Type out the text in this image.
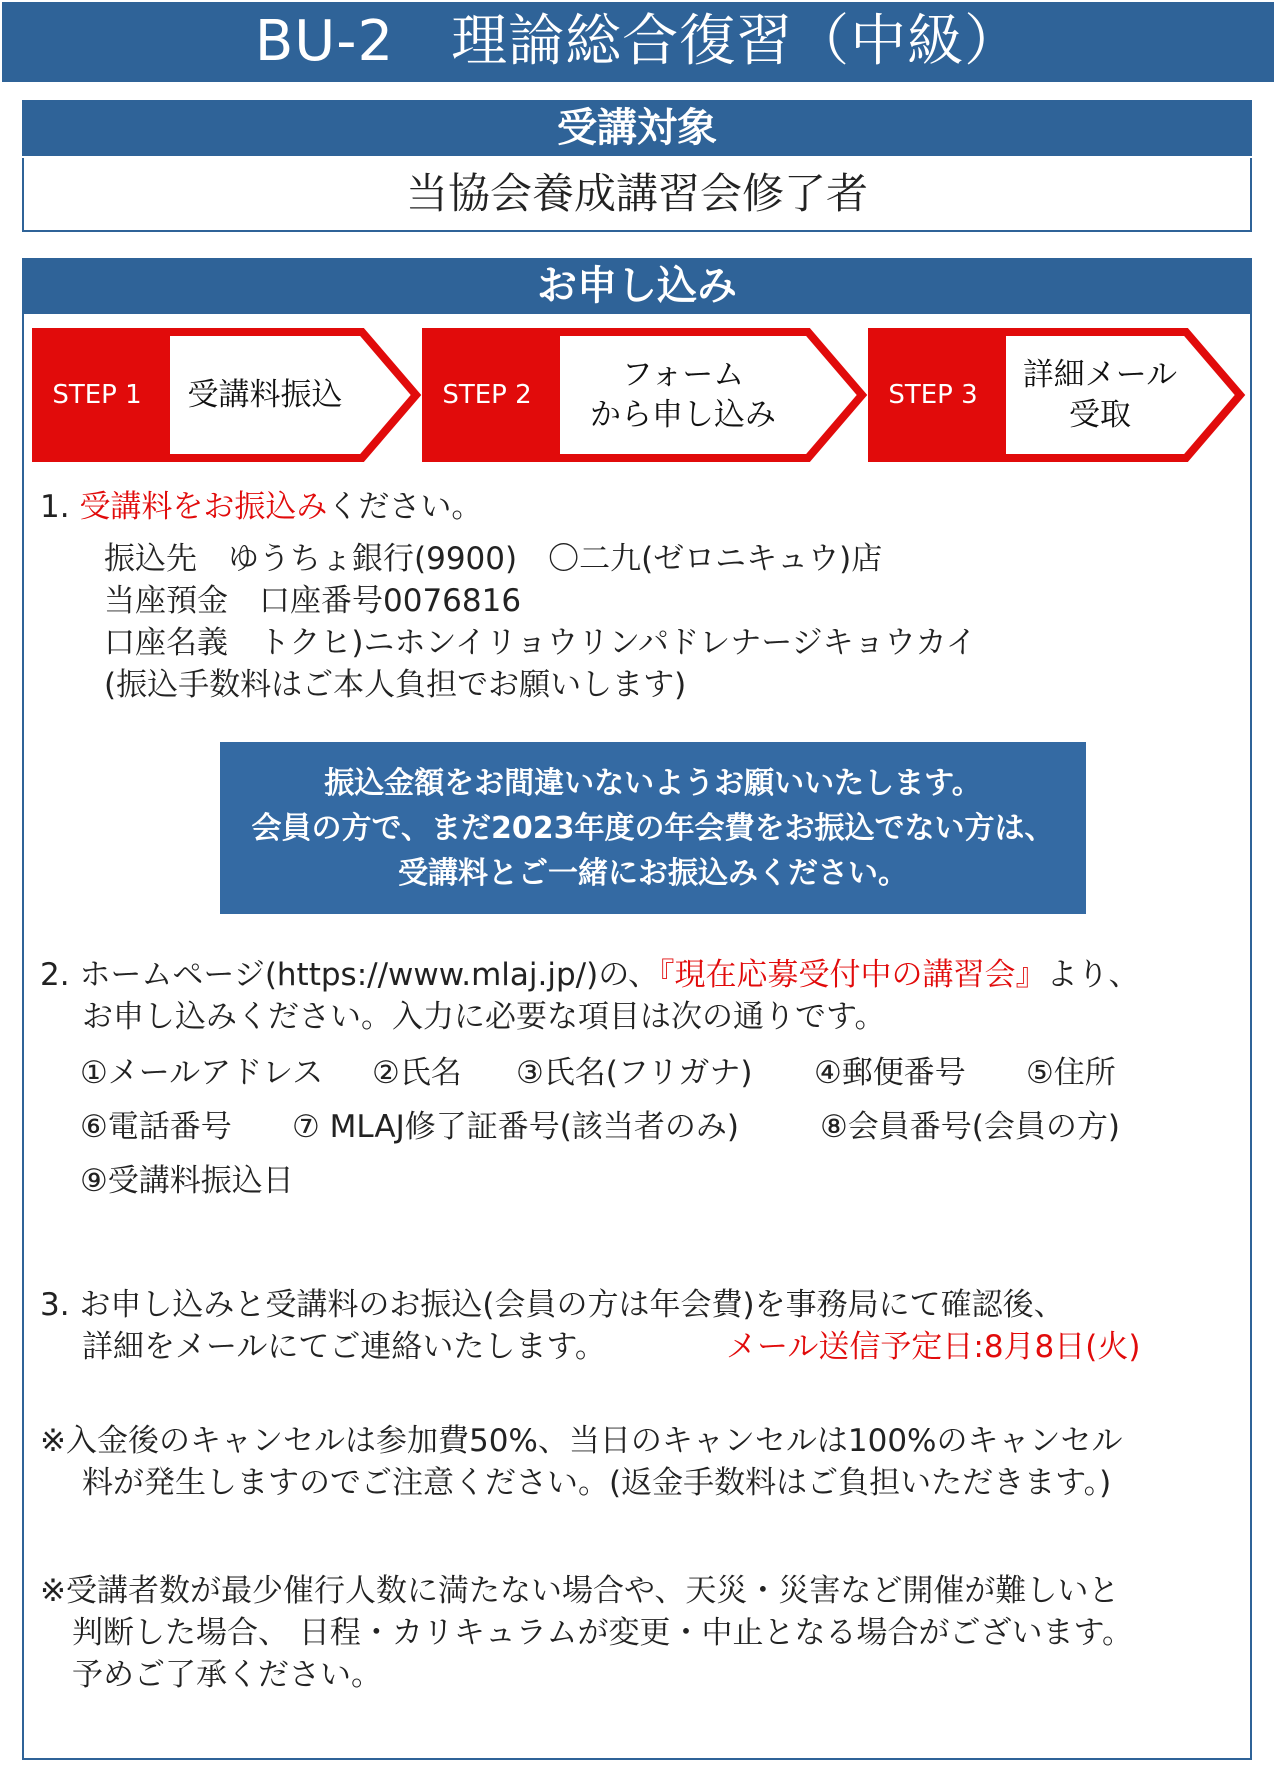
BU-2　理論総合復習（中級）
受講対象
当協会養成講習会修了者
お申し込み
STEP 1	受講料振込	STEP 2
フォーム
から申し込み
STEP 3
詳細メール
受取
1. 受講料をお振込みください。
振込先　ゆうちょ銀行(9900)　〇二九(ゼロニキュウ)店
当座預金　口座番号0076816
口座名義　トクヒ)ニホンイリョウリンパドレナージキョウカイ
(振込手数料はご本人負担でお願いします)
振込金額をお間違いないようお願いいたします。
会員の方で、まだ2023年度の年会費をお振込でない方は、
受講料とご一緒にお振込みください。
2. ホームページ(https://www.mlaj.jp/)の、『現在応募受付中の講習会』より、
お申し込みください。入力に必要な項目は次の通りです。
①メールアドレス ②氏名 ③氏名(フリガナ) ④郵便番号 ⑤住所
⑥電話番号 ⑦ MLAJ修了証番号(該当者のみ)	⑧会員番号(会員の方)
⑨受講料振込日
3. お申し込みと受講料のお振込(会員の方は年会費)を事務局にて確認後、
詳細をメールにてご連絡いたします。	メール送信予定日:8月8日(火)
※入金後のキャンセルは参加費50%、当日のキャンセルは100%のキャンセル
料が発生しますのでご注意ください。(返金手数料はご負担いただきます。)
※受講者数が最少催行人数に満たない場合や、天災・災害など開催が難しいと
判断した場合、 日程・カリキュラムが変更・中止となる場合がございます。
予めご了承ください。
